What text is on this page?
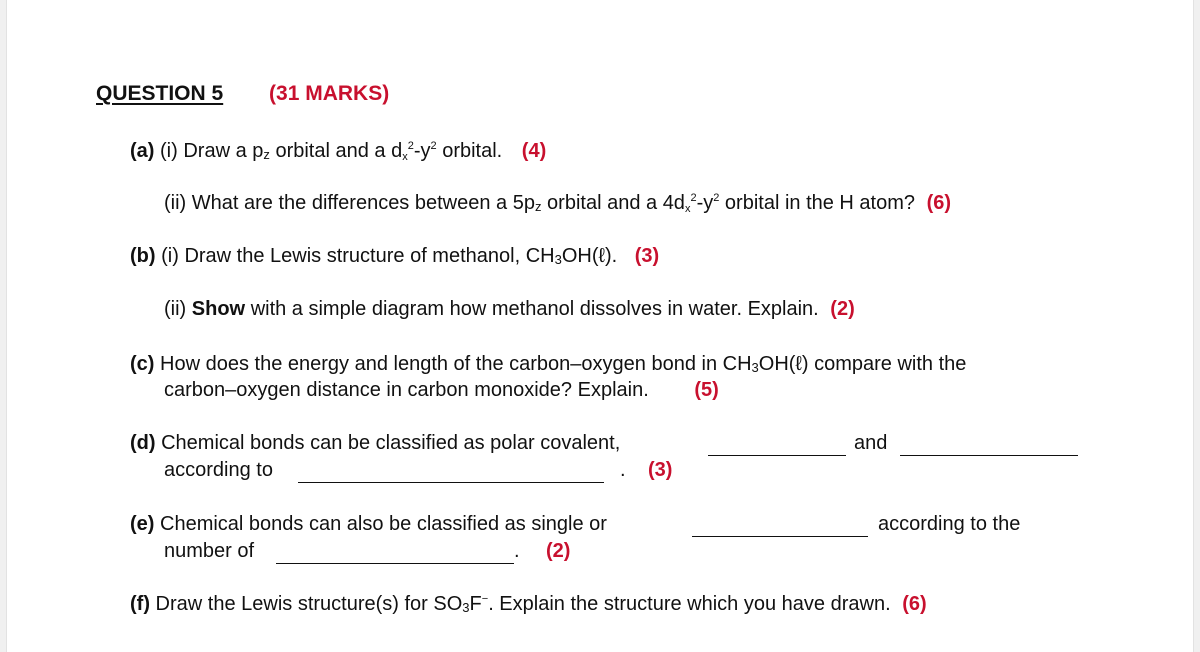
QUESTION 5 (31 MARKS)
(a) (i) Draw a pz orbital and a $d_x^2-y^2$ orbital. (4)
(ii) What are the differences between a 5pz orbital and a $4d_x^2-y^2$ orbital in the H atom? (6)
(b) (i) Draw the Lewis structure of methanol, CH3OH(ℓ). (3)
(ii) Show with a simple diagram how methanol dissolves in water. Explain. (2)
(c) How does the energy and length of the carbon–oxygen bond in CH3OH(ℓ) compare with the
carbon–oxygen distance in carbon monoxide? Explain. (5)
(d) Chemical bonds can be classified as polar covalent,	and
according to	. (3)
(e) Chemical bonds can also be classified as single or	according to the
number of	. (2)
(f) Draw the Lewis structure(s) for SO3F−. Explain the structure which you have drawn. (6)
